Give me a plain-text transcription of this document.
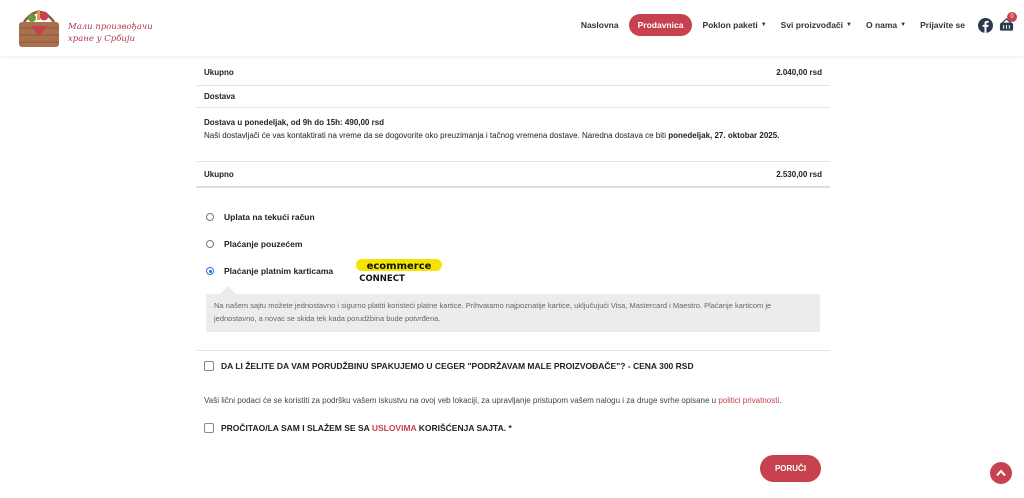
Мали произвођачи
хране у Србији
Naslovna Prodavnica Poklon paketi ▼ Svi proizvođači ▼ O nama ▼ Prijavite se
0
Ukupno	2.040,00 rsd
Dostava
Dostava u ponedeljak, od 9h do 15h: 490,00 rsd
Naši dostavljači će vas kontaktirati na vreme da se dogovorite oko preuzimanja i tačnog vremena dostave. Naredna dostava ce biti ponedeljak, 27. oktobar 2025.
Ukupno	2.530,00 rsd
Uplata na tekući račun
Plaćanje pouzećem
Plaćanje platnim karticama	ecommerce
CONNECT
Na našem sajtu možete jednostavno i sigurno platiti koristeći platne kartice. Prihvatamo najpoznatije kartice, uključujući Visa, Mastercard i Maestro. Plaćanje karticom je jednostavno, a novac se skida tek kada porudžbina bude potvrđena.
DA LI ŽELITE DA VAM PORUDŽBINU SPAKUJEMO U CEGER "PODRŽAVAM MALE PROIZVOĐAČE"? - CENA 300 RSD
Vaši lični podaci će se koristiti za podršku vašem iskustvu na ovoj veb lokaciji, za upravljanje pristupom vašem nalogu i za druge svrhe opisane u politici privatnosti.
PROČITAO/LA SAM I SLAŽEM SE SA USLOVIMA KORIŠĆENJA SAJTA. *
PORUČI
